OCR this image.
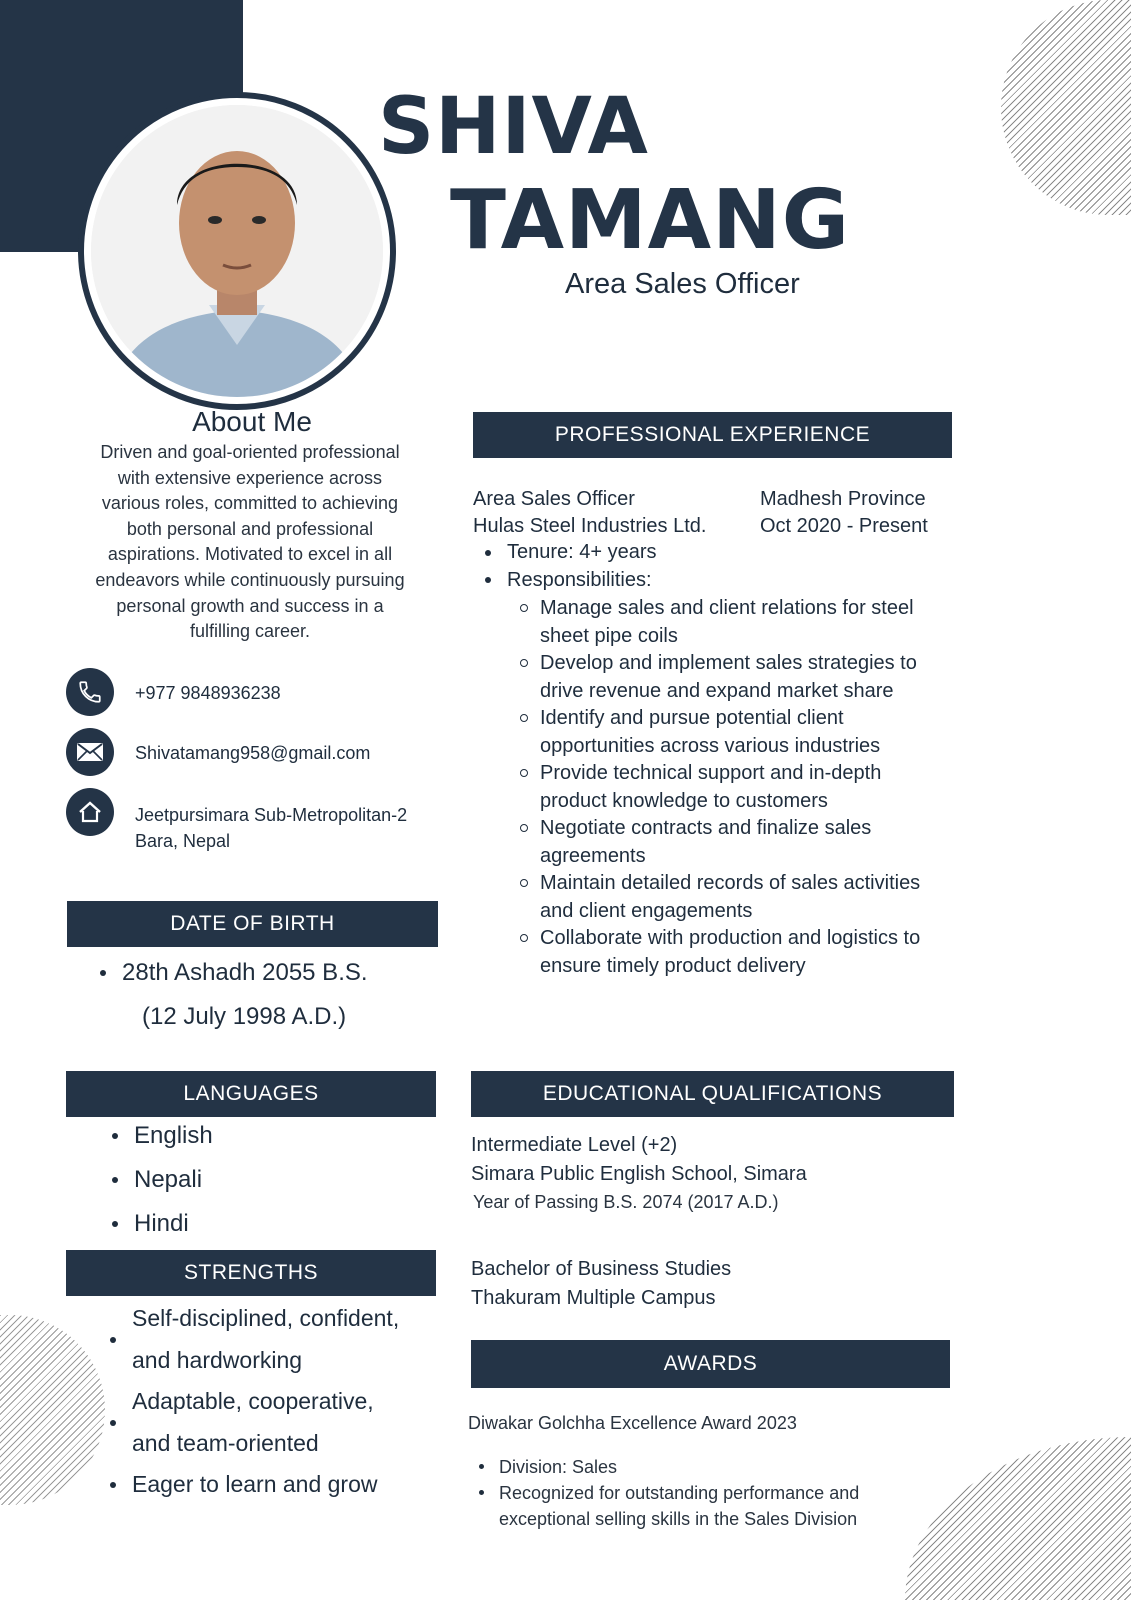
SHIVA

TAMANG

Area Sales Officer
About Me
Driven and goal-oriented professional with extensive experience across various roles, committed to achieving both personal and professional aspirations. Motivated to excel in all endeavors while continuously pursuing personal growth and success in a fulfilling career.
+977 9848936238
Shivatamang958@gmail.com
Jeetpursimara Sub-Metropolitan-2
Bara, Nepal
DATE OF BIRTH
28th Ashadh 2055 B.S.
(12 July 1998 A.D.)
LANGUAGES
English
Nepali
Hindi
STRENGTHS
Self-disciplined, confident, and hardworking
Adaptable, cooperative, and team-oriented
Eager to learn and grow
PROFESSIONAL EXPERIENCE
Area Sales Officer
Hulas Steel Industries Ltd.
Madhesh Province
Oct 2020 - Present
Tenure: 4+ years
Responsibilities:
Manage sales and client relations for steel sheet pipe coils
Develop and implement sales strategies to drive revenue and expand market share
Identify and pursue potential client opportunities across various industries
Provide technical support and in-depth product knowledge to customers
Negotiate contracts and finalize sales agreements
Maintain detailed records of sales activities and client engagements
Collaborate with production and logistics to ensure timely product delivery
EDUCATIONAL QUALIFICATIONS
Intermediate Level (+2)
Simara Public English School, Simara
Year of Passing B.S. 2074 (2017 A.D.)
Bachelor of Business Studies
Thakuram Multiple Campus
AWARDS
Diwakar Golchha Excellence Award 2023
Division: Sales
Recognized for outstanding performance and exceptional selling skills in the Sales Division
